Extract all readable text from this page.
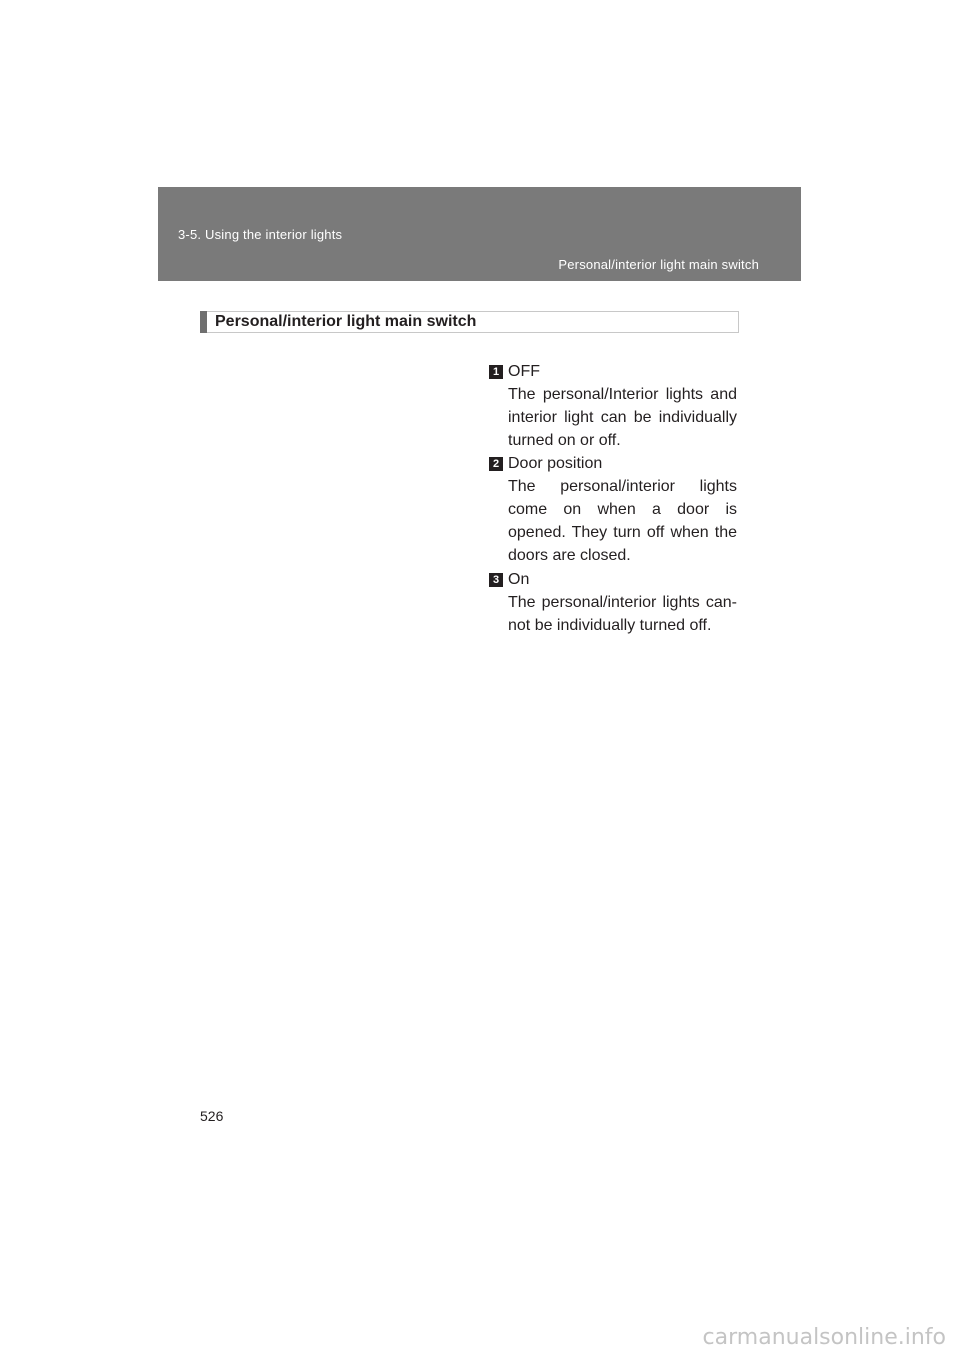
3-5. Using the interior lights
Personal/interior light main switch
Personal/interior light main switch
1 OFF
The personal/Interior lights and interior light can be individually turned on or off.
2 Door position
The personal/interior lights come on when a door is opened. They turn off when the doors are closed.
3 On
The personal/interior lights can-not be individually turned off.
526
carmanualsonline.info
